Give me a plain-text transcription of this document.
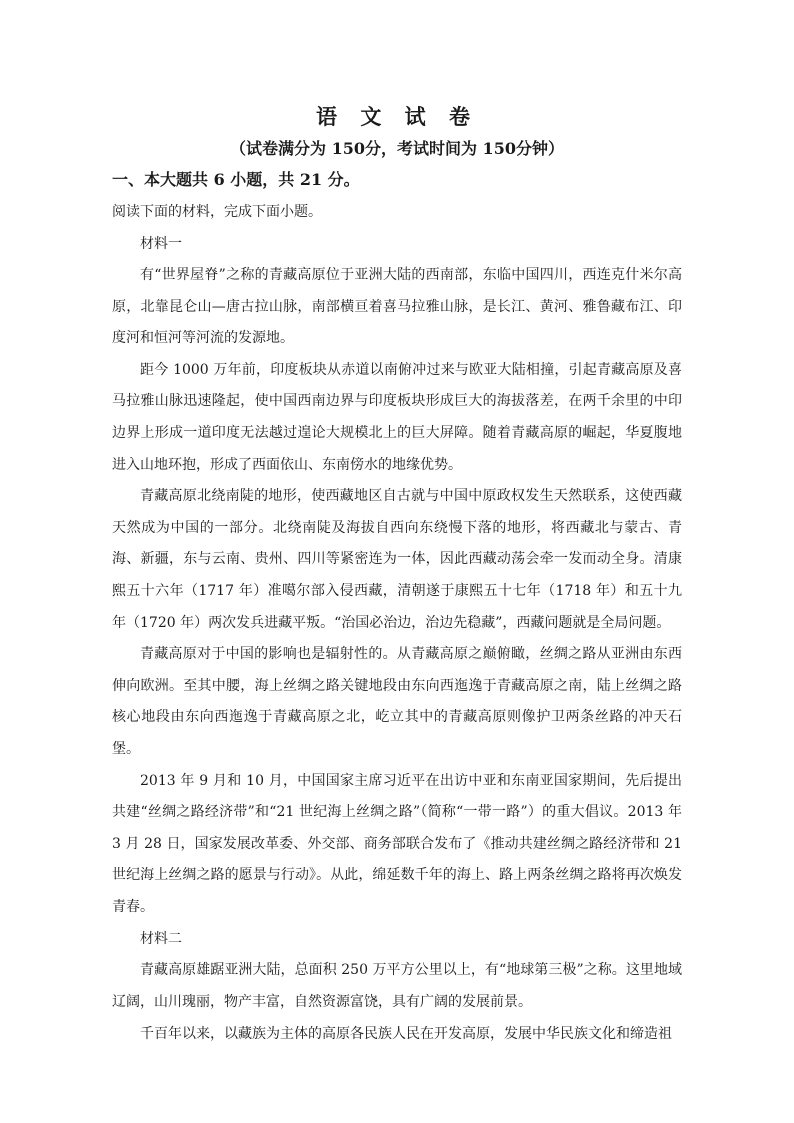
语 文 试 卷

（试卷满分为 150分，考试时间为 150分钟）

一、本大题共 6 小题，共 21 分。

阅读下面的材料，完成下面小题。

材料一

有“世界屋脊”之称的青藏高原位于亚洲大陆的西南部，东临中国四川，西连克什米尔高原，北靠昆仑山—唐古拉山脉，南部横亘着喜马拉雅山脉，是长江、黄河、雅鲁藏布江、印度河和恒河等河流的发源地。

距今 1000 万年前，印度板块从赤道以南俯冲过来与欧亚大陆相撞，引起青藏高原及喜马拉雅山脉迅速隆起，使中国西南边界与印度板块形成巨大的海拔落差，在两千余里的中印边界上形成一道印度无法越过遑论大规模北上的巨大屏障。随着青藏高原的崛起，华夏腹地进入山地环抱，形成了西面依山、东南傍水的地缘优势。

青藏高原北绕南陡的地形，使西藏地区自古就与中国中原政权发生天然联系，这使西藏天然成为中国的一部分。北绕南陡及海拔自西向东绕慢下落的地形，将西藏北与蒙古、青海、新疆，东与云南、贵州、四川等紧密连为一体，因此西藏动荡会牵一发而动全身。清康熙五十六年（1717 年）准噶尔部入侵西藏，清朝遂于康熙五十七年（1718 年）和五十九年（1720 年）两次发兵进藏平叛。“治国必治边，治边先稳藏”，西藏问题就是全局问题。

青藏高原对于中国的影响也是辐射性的。从青藏高原之巅俯瞰，丝绸之路从亚洲由东西伸向欧洲。至其中腰，海上丝绸之路关键地段由东向西迤逸于青藏高原之南，陆上丝绸之路核心地段由东向西迤逸于青藏高原之北，屹立其中的青藏高原则像护卫两条丝路的冲天石堡。

2013 年 9 月和 10 月，中国国家主席习近平在出访中亚和东南亚国家期间，先后提出共建“丝绸之路经济带”和“21 世纪海上丝绸之路”（简称“一带一路”）的重大倡议。2013 年 3 月 28 日，国家发展改革委、外交部、商务部联合发布了《推动共建丝绸之路经济带和 21 世纪海上丝绸之路的愿景与行动》。从此，绵延数千年的海上、路上两条丝绸之路将再次焕发青春。

材料二

青藏高原雄踞亚洲大陆，总面积 250 万平方公里以上，有“地球第三极”之称。这里地域辽阔，山川瑰丽，物产丰富，自然资源富饶，具有广阔的发展前景。

千百年以来，以藏族为主体的高原各民族人民在开发高原，发展中华民族文化和缔造祖
